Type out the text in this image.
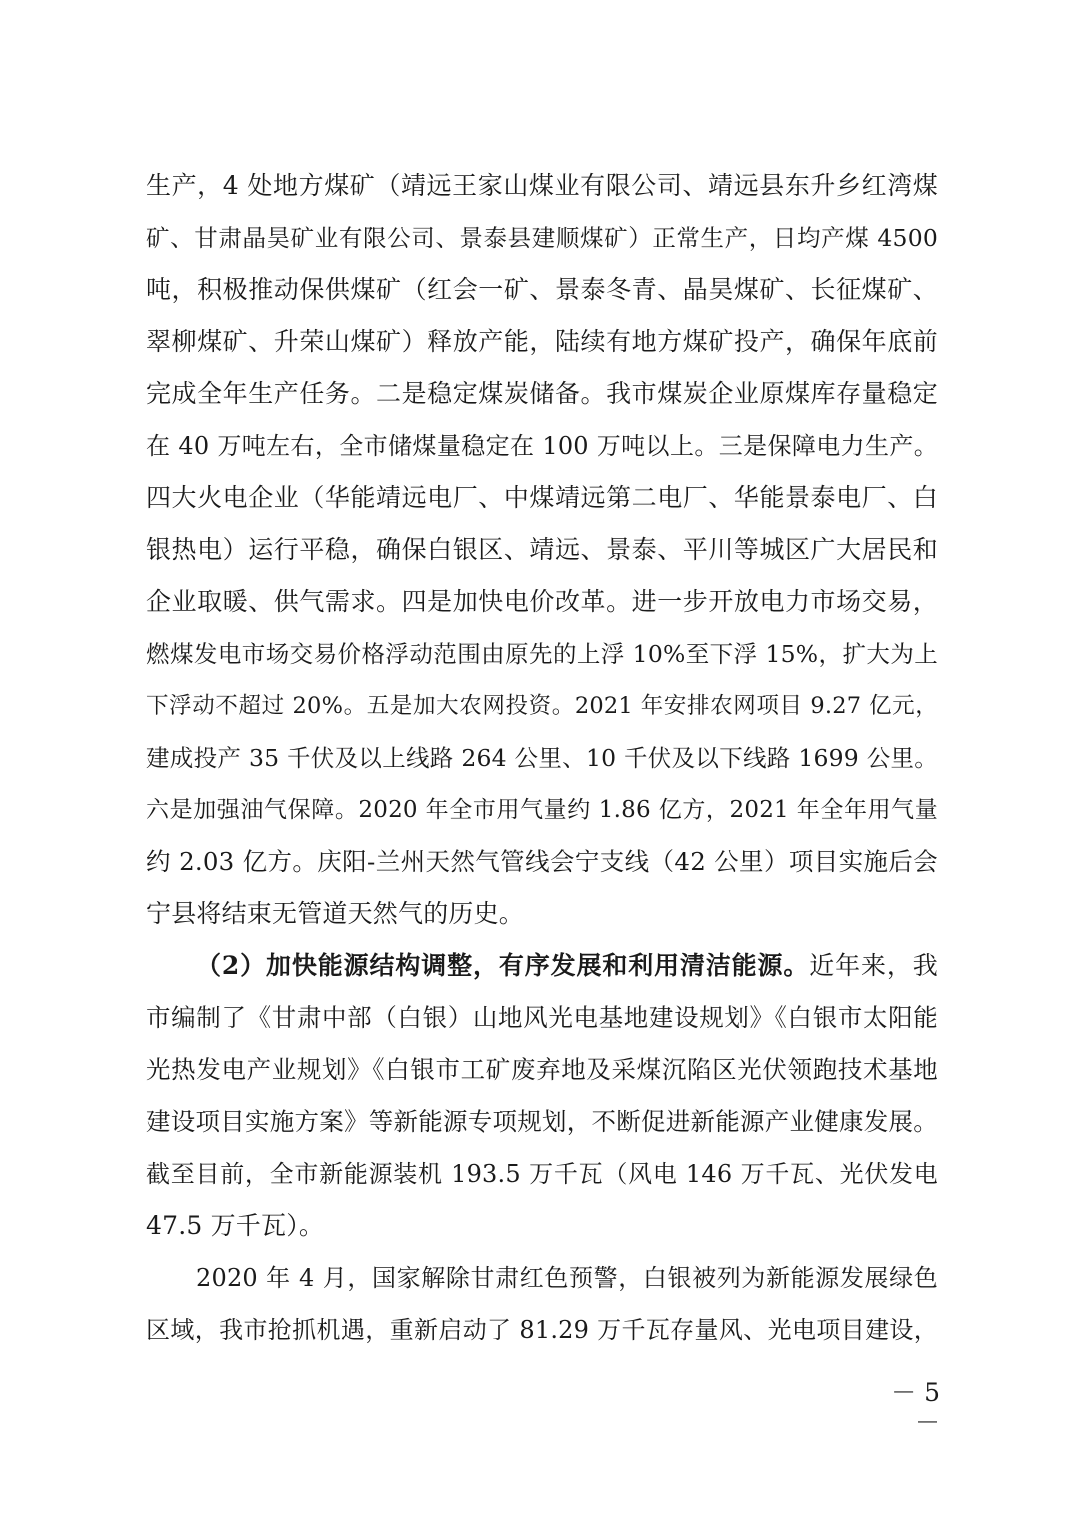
生产，4 处地方煤矿（靖远王家山煤业有限公司、靖远县东升乡红湾煤
矿、甘肃晶昊矿业有限公司、景泰县建顺煤矿）正常生产，日均产煤 4500
吨，积极推动保供煤矿（红会一矿、景泰冬青、晶昊煤矿、长征煤矿、
翠柳煤矿、升荣山煤矿）释放产能，陆续有地方煤矿投产，确保年底前
完成全年生产任务。二是稳定煤炭储备。我市煤炭企业原煤库存量稳定
在 40 万吨左右，全市储煤量稳定在 100 万吨以上。三是保障电力生产。
四大火电企业（华能靖远电厂、中煤靖远第二电厂、华能景泰电厂、白
银热电）运行平稳，确保白银区、靖远、景泰、平川等城区广大居民和
企业取暖、供气需求。四是加快电价改革。进一步开放电力市场交易，
燃煤发电市场交易价格浮动范围由原先的上浮 10%至下浮 15%，扩大为上
下浮动不超过 20%。五是加大农网投资。2021 年安排农网项目 9.27 亿元，
建成投产 35 千伏及以上线路 264 公里、10 千伏及以下线路 1699 公里。
六是加强油气保障。2020 年全市用气量约 1.86 亿方，2021 年全年用气量
约 2.03 亿方。庆阳-兰州天然气管线会宁支线（42 公里）项目实施后会
宁县将结束无管道天然气的历史。
（2）加快能源结构调整，有序发展和利用清洁能源。近年来，我
市编制了《甘肃中部（白银）山地风光电基地建设规划》《白银市太阳能
光热发电产业规划》《白银市工矿废弃地及采煤沉陷区光伏领跑技术基地
建设项目实施方案》等新能源专项规划，不断促进新能源产业健康发展。
截至目前，全市新能源装机 193.5 万千瓦（风电 146 万千瓦、光伏发电
47.5 万千瓦）。
2020 年 4 月，国家解除甘肃红色预警，白银被列为新能源发展绿色
区域，我市抢抓机遇，重新启动了 81.29 万千瓦存量风、光电项目建设，
－ 5 －
